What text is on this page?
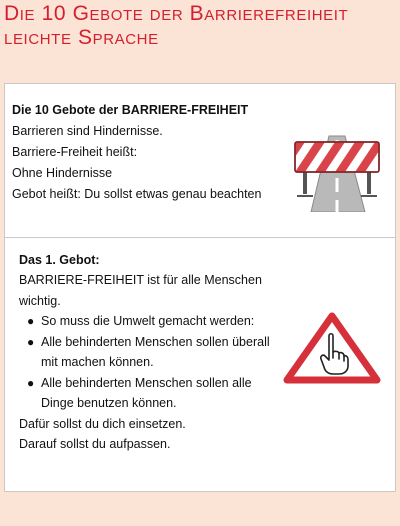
Die 10 Gebote der Barrierefreiheit
leichte Sprache
Die 10 Gebote der BARRIERE-FREIHEIT
Barrieren sind Hindernisse.
Barriere-Freiheit heißt:
Ohne Hindernisse
Gebot heißt: Du sollst etwas genau beachten
Das 1. Gebot:
BARRIERE-FREIHEIT ist für alle Menschen
wichtig.
● So muss die Umwelt gemacht werden:
● Alle behinderten Menschen sollen überall
mit machen können.
● Alle behinderten Menschen sollen alle
Dinge benutzen können.
Dafür sollst du dich einsetzen.
Darauf sollst du aufpassen.
